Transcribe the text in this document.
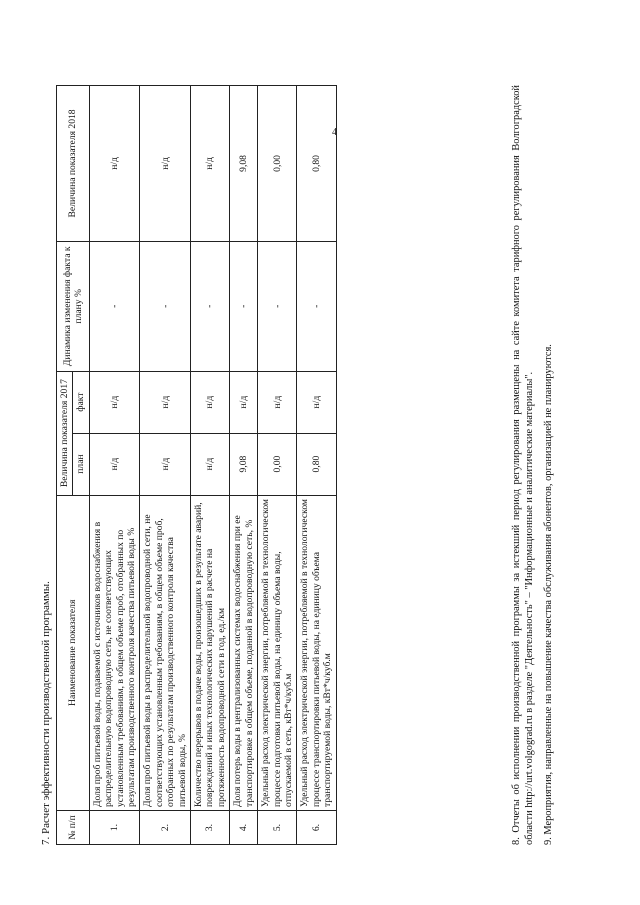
4
7. Расчет эффективности производственной программы. № п/п	Наименование показателя	Величина показателя 2017		Динамика изменения факта к плану %	Величина показателя 2018
		план	факт		
1.	Доля проб питьевой воды, подаваемой с источников водоснабжения в распределительную водопроводную сеть, не соответствующих установленным требованиям, в общем объеме проб, отобранных по результатам производственного контроля качества питьевой воды %	н/д	н/д	-	н/д
2.	Доля проб питьевой воды в распределительной водопроводной сети, не соответствующих установленным требованиям, в общем объеме проб, отобранных по результатам производственного контроля качества питьевой воды, %	н/д	н/д	-	н/д
3.	Количество перерывов в подаче воды, произошедших в результате аварий, повреждений и иных технологических нарушений в расчете на протяженность водопроводной сети в год, ед./км	н/д	н/д	-	н/д
4.	Доля потерь воды в централизованных системах водоснабжения при ее транспортировке в общем объеме, поданной в водопроводную сеть, %	9,08	н/д	-	9,08
5.	Удельный расход электрической энергии, потребляемой в технологическом процессе подготовки питьевой воды, на единицу объема воды, отпускаемой в сеть, кВт*ч/куб.м	0,00	н/д	-	0,00
6.	Удельный расход электрической энергии, потребляемой в технологическом процессе транспортировки питьевой воды, на единицу объема транспортируемой воды, кВт*ч/куб.м	0,80	н/д	-	0,80	8. Отчеты об исполнении производственной программы за истекший период регулирования размещены на сайте комитета тарифного регулирования Волгоградской области http://urt.volgograd.ru в разделе "Деятельность" – "Информационные и аналитические материалы". 9. Мероприятия, направленные на повышение качества обслуживания абонентов, организацией не планируются.
